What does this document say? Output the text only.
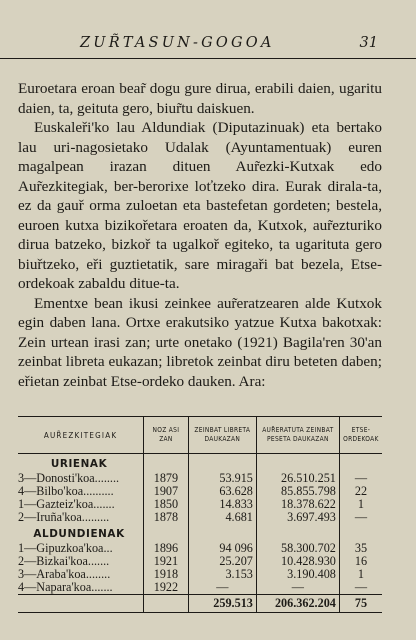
ZUR̃TASUN-GOGOA	31

Euroetara eroan bear̃ dogu gure dirua, erabili daien, ugaritu daien, ta, geituta gero, biur̃tu daiskuen.

Euskaleři'ko lau Aldundiak (Diputazinuak) eta bertako lau uri-nagosietako Udalak (Ayuntamentuak) euren magalpean irazan dituen Aur̃ezki-Kutxak edo Aur̃ezkitegiak, ber-berorixe loťtzeko dira. Eurak dirala-ta, ez da gauř orma zuloetan eta bastefetan gordeten; bestela, euroen kutxa bizikořetara eroaten da, Kutxok, aur̃ezturiko dirua batzeko, bizkoř ta ugalkoř egiteko, ta ugarituta gero biuřtzeko, eři guztietatik, sare miragaři bat bezela, Etse-ordekoak zabaldu ditue-ta.

Ementxe bean ikusi zeinkee aur̃eratzearen alde Kutxok egin daben lana. Ortxe erakutsiko yatzue Kutxa bakotxak: Zein urtean irasi zan; urte onetako (1921) Bagila'ren 30'an zeinbat libreta eukazan; libretok zeinbat diru beteten daben; eřietan zeinbat Etse-ordeko dauken. Ara:

AUR̃EZKITEGIAK	NOZ ASI ZAN	ZEINBAT LIBRETA DAUKAZAN	AUR̃ERATUTA ZEINBAT PESETA DAUKAZAN	ETSE-ORDEKOAK
URIENAK				
3—Donosti'koa........	1879	53.915	26.510.251	—
4—Bilbo'koa..........	1907	63.628	85.855.798	22
1—Gazteiz'koa.......	1850	14.833	18.378.622	1
2—Iruña'koa.........	1878	4.681	3.697.493	—
ALDUNDIENAK				
1—Gipuzkoa'koa...	1896	94 096	58.300.702	35
2—Bizkai'koa.......	1921	25.207	10.428.930	16
3—Araba'koa........	1918	3.153	3.190.408	1
4—Napara'koa.......	1922	—	—	—
		259.513	206.362.204	75
